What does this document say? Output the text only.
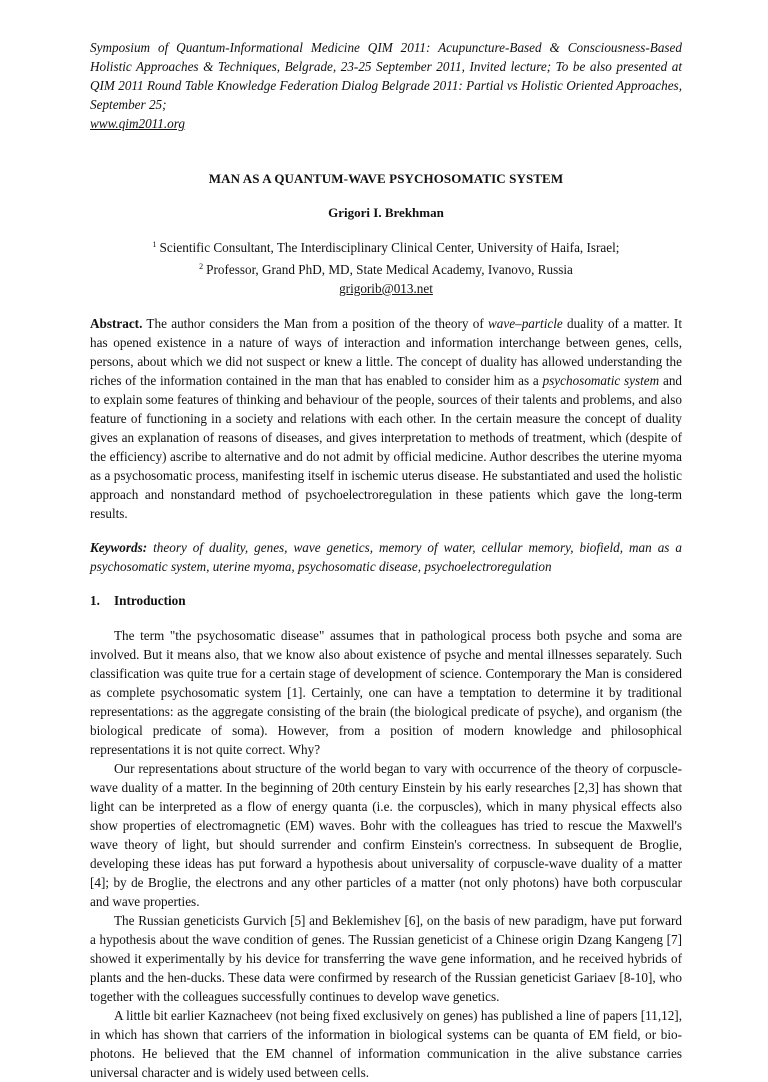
Symposium of Quantum-Informational Medicine QIM 2011: Acupuncture-Based & Consciousness-Based Holistic Approaches & Techniques, Belgrade, 23-25 September 2011, Invited lecture; To be also presented at QIM 2011 Round Table Knowledge Federation Dialog Belgrade 2011: Partial vs Holistic Oriented Approaches, September 25;
www.qim2011.org

MAN AS A QUANTUM-WAVE PSYCHOSOMATIC SYSTEM
Grigori I. Brekhman
$^1$ Scientific Consultant, The Interdisciplinary Clinical Center, University of Haifa, Israel;
$^2$ Professor, Grand PhD, MD, State Medical Academy, Ivanovo, Russia
grigorib@013.net

Abstract. The author considers the Man from a position of the theory of wave–particle duality of a matter. It has opened existence in a nature of ways of interaction and information interchange between genes, cells, persons, about which we did not suspect or knew a little. The concept of duality has allowed understanding the riches of the information contained in the man that has enabled to consider him as a psychosomatic system and to explain some features of thinking and behaviour of the people, sources of their talents and problems, and also feature of functioning in a society and relations with each other. In the certain measure the concept of duality gives an explanation of reasons of diseases, and gives interpretation to methods of treatment, which (despite of the efficiency) ascribe to alternative and do not admit by official medicine. Author describes the uterine myoma as a psychosomatic process, manifesting itself in ischemic uterus disease. He substantiated and used the holistic approach and nonstandard method of psychoelectroregulation in these patients which gave the long-term results.

Keywords: theory of duality, genes, wave genetics, memory of water, cellular memory, biofield, man as a psychosomatic system, uterine myoma, psychosomatic disease, psychoelectroregulation

1. Introduction

The term "the psychosomatic disease" assumes that in pathological process both psyche and soma are involved. But it means also, that we know also about existence of psyche and mental illnesses separately. Such classification was quite true for a certain stage of development of science. Contemporary the Man is considered as complete psychosomatic system [1]. Certainly, one can have a temptation to determine it by traditional representations: as the aggregate consisting of the brain (the biological predicate of psyche), and organism (the biological predicate of soma). However, from a position of modern knowledge and philosophical representations it is not quite correct. Why?

Our representations about structure of the world began to vary with occurrence of the theory of corpuscle-wave duality of a matter. In the beginning of 20th century Einstein by his early researches [2,3] has shown that light can be interpreted as a flow of energy quanta (i.e. the corpuscles), which in many physical effects also show properties of electromagnetic (EM) waves. Bohr with the colleagues has tried to rescue the Maxwell's wave theory of light, but should surrender and confirm Einstein's correctness. In subsequent de Broglie, developing these ideas has put forward a hypothesis about universality of corpuscle-wave duality of a matter [4]; by de Broglie, the electrons and any other particles of a matter (not only photons) have both corpuscular and wave properties.

The Russian geneticists Gurvich [5] and Beklemishev [6], on the basis of new paradigm, have put forward a hypothesis about the wave condition of genes. The Russian geneticist of a Chinese origin Dzang Kangeng [7] showed it experimentally by his device for transferring the wave gene information, and he received hybrids of plants and the hen-ducks. These data were confirmed by research of the Russian geneticist Gariaev [8-10], who together with the colleagues successfully continues to develop wave genetics.

A little bit earlier Kaznacheev (not being fixed exclusively on genes) has published a line of papers [11,12], in which has shown that carriers of the information in biological systems can be quanta of EM field, or bio-photons. He believed that the EM channel of information communication in the alive substance carries universal character and is widely used between cells.
